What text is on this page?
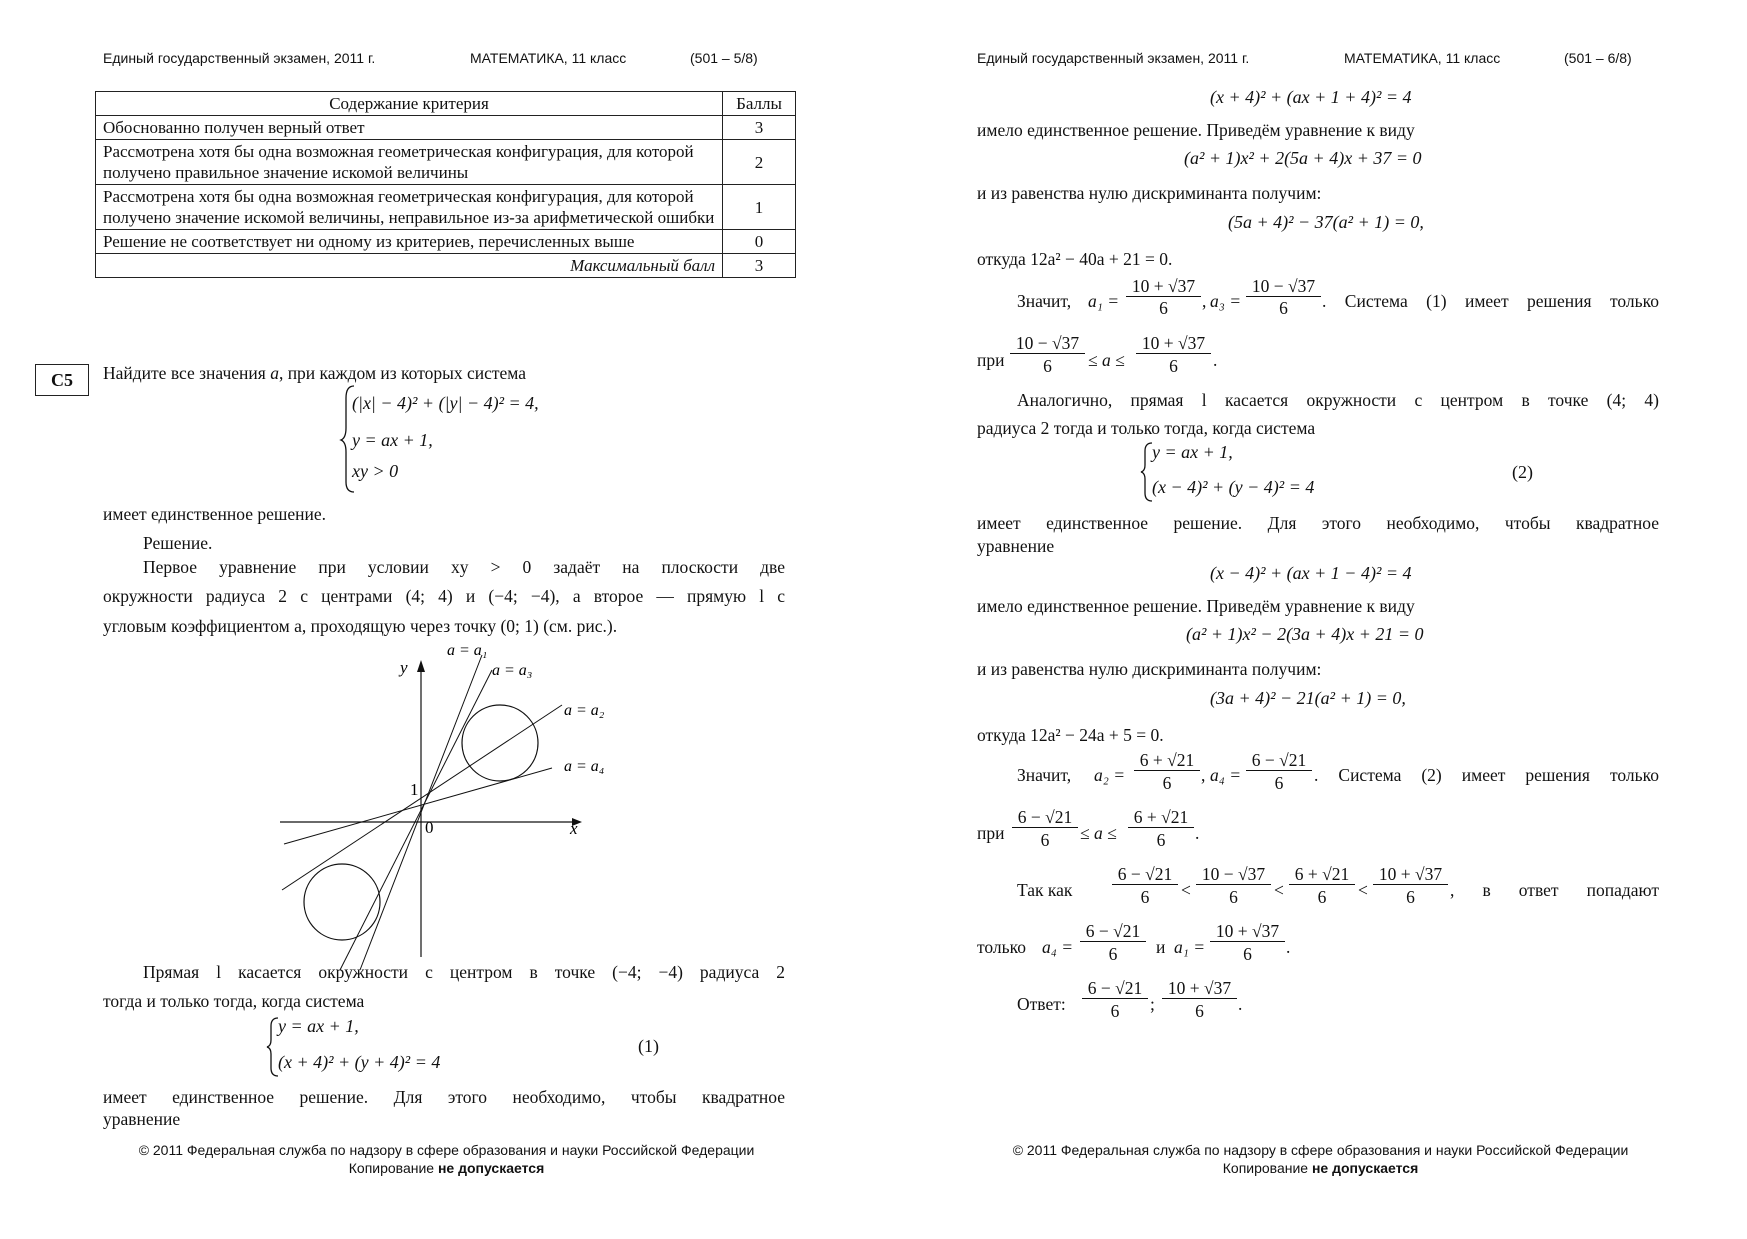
Единый государственный экзамен, 2011 г.	МАТЕМАТИКА, 11 класс	(501 – 5/8)
Содержание критерия	Баллы
Обоснованно получен верный ответ	3
Рассмотрена хотя бы одна возможная геометрическая конфигурация, для которой получено правильное значение искомой величины	2
Рассмотрена хотя бы одна возможная геометрическая конфигурация, для которой получено значение искомой величины, неправильное из-за арифметической ошибки	1
Решение не соответствует ни одному из критериев, перечисленных выше	0
Максимальный балл	3
C5	Найдите все значения a, при каждом из которых система
(|x| − 4)² + (|y| − 4)² = 4,
y = ax + 1,
xy > 0
имеет единственное решение.
Решение.
Первое уравнение при условии xy > 0 задаёт на плоскости две
окружности радиуса 2 с центрами (4; 4) и (−4; −4), а второе — прямую l с
угловым коэффициентом a, проходящую через точку (0; 1) (см. рис.).
y
x
0
1
a = a₁
a = a₃
a = a₂
a = a₄
Прямая l касается окружности с центром в точке (−4; −4) радиуса 2
тогда и только тогда, когда система
y = ax + 1,
(x + 4)² + (y + 4)² = 4
(1)
имеет единственное решение. Для этого необходимо, чтобы квадратное
уравнение
© 2011 Федеральная служба по надзору в сфере образования и науки Российской Федерации
Копирование не допускается
Единый государственный экзамен, 2011 г.	МАТЕМАТИКА, 11 класс	(501 – 6/8)
(x + 4)² + (ax + 1 + 4)² = 4
имело единственное решение. Приведём уравнение к виду
(a² + 1)x² + 2(5a + 4)x + 37 = 0
и из равенства нулю дискриминанта получим:
(5a + 4)² − 37(a² + 1) = 0,
откуда 12a² − 40a + 21 = 0.
Значит, a₁ =
10 + √37
6	, a₃ =
10 − √37
6	. Система (1) имеет решения только
при
10 − √37
6	≤ a ≤
10 + √37
6	.
Аналогично, прямая l касается окружности с центром в точке (4; 4)
радиуса 2 тогда и только тогда, когда система
y = ax + 1,
(x − 4)² + (y − 4)² = 4
(2)
имеет единственное решение. Для этого необходимо, чтобы квадратное
уравнение
(x − 4)² + (ax + 1 − 4)² = 4
имело единственное решение. Приведём уравнение к виду
(a² + 1)x² − 2(3a + 4)x + 21 = 0
и из равенства нулю дискриминанта получим:
(3a + 4)² − 21(a² + 1) = 0,
откуда 12a² − 24a + 5 = 0.
Значит, a₂ =
6 + √21
6	, a₄ =
6 − √21
6	. Система (2) имеет решения только
при
6 − √21
6	≤ a ≤
6 + √21
6	.
Так как
6 − √21
6	<
10 − √37
6	<
6 + √21
6	<
10 + √37
6	, в ответ попадают
только a₄ =
6 − √21
6	и a₁ =
10 + √37
6	.
Ответ:
6 − √21
6	;
10 + √37
6	.
© 2011 Федеральная служба по надзору в сфере образования и науки Российской Федерации
Копирование не допускается
